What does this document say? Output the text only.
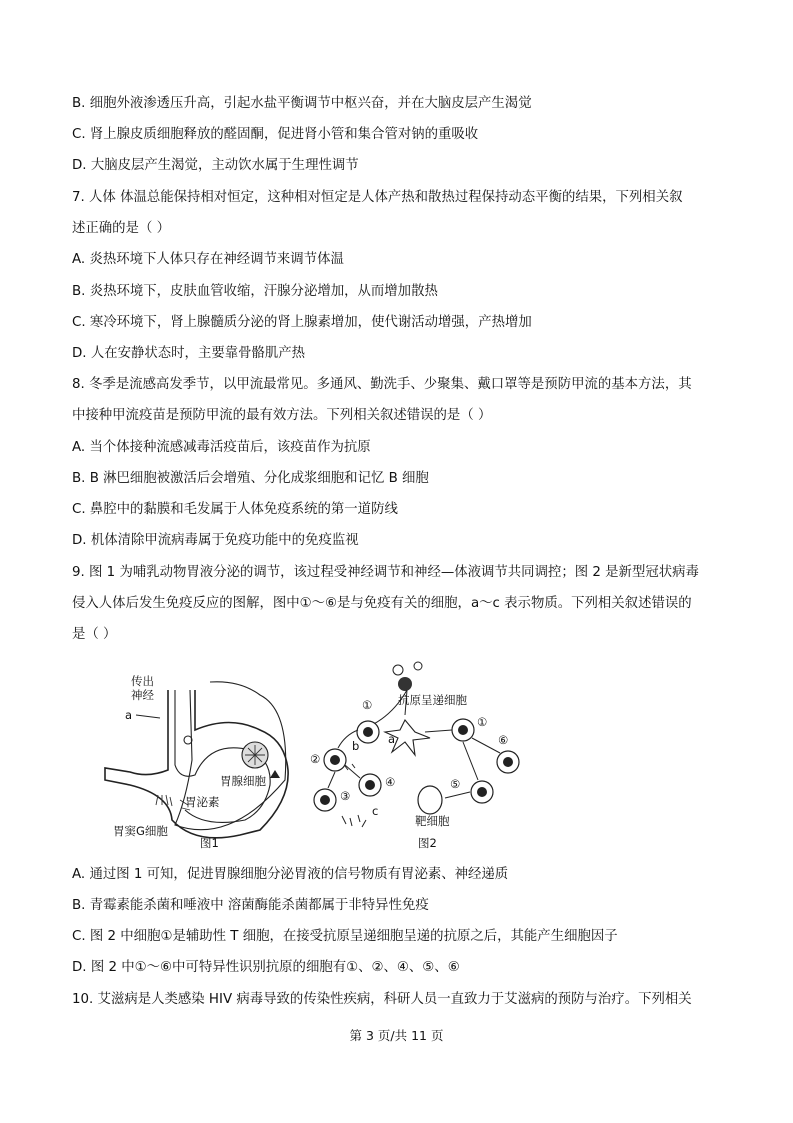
B. 细胞外液渗透压升高，引起水盐平衡调节中枢兴奋，并在大脑皮层产生渴觉
C. 肾上腺皮质细胞释放的醛固酮，促进肾小管和集合管对钠的重吸收
D. 大脑皮层产生渴觉，主动饮水属于生理性调节
7. 人体 体温总能保持相对恒定，这种相对恒定是人体产热和散热过程保持动态平衡的结果，下列相关叙
述正确的是（ ）
A. 炎热环境下人体只存在神经调节来调节体温
B. 炎热环境下，皮肤血管收缩，汗腺分泌增加，从而增加散热
C. 寒冷环境下，肾上腺髓质分泌的肾上腺素增加，使代谢活动增强，产热增加
D. 人在安静状态时，主要靠骨骼肌产热
8. 冬季是流感高发季节，以甲流最常见。多通风、勤洗手、少聚集、戴口罩等是预防甲流的基本方法，其
中接种甲流疫苗是预防甲流的最有效方法。下列相关叙述错误的是（ ）
A. 当个体接种流感减毒活疫苗后，该疫苗作为抗原
B. B 淋巴细胞被激活后会增殖、分化成浆细胞和记忆 B 细胞
C. 鼻腔中的黏膜和毛发属于人体免疫系统的第一道防线
D. 机体清除甲流病毒属于免疫功能中的免疫监视
9. 图 1 为哺乳动物胃液分泌的调节，该过程受神经调节和神经—体液调节共同调控；图 2 是新型冠状病毒
侵入人体后发生免疫反应的图解，图中①～⑥是与免疫有关的细胞，a～c 表示物质。下列相关叙述错误的
是（ ）
传出
神经
a
胃腺细胞
胃泌素
胃窦G细胞
图1
抗原呈递细胞
①
①
②
③
④	⑤
⑥
靶细胞
a
b
c
图2
A. 通过图 1 可知，促进胃腺细胞分泌胃液的信号物质有胃泌素、神经递质
B. 青霉素能杀菌和唾液中 溶菌酶能杀菌都属于非特异性免疫
C. 图 2 中细胞①是辅助性 T 细胞，在接受抗原呈递细胞呈递的抗原之后，其能产生细胞因子
D. 图 2 中①～⑥中可特异性识别抗原的细胞有①、②、④、⑤、⑥
10. 艾滋病是人类感染 HIV 病毒导致的传染性疾病，科研人员一直致力于艾滋病的预防与治疗。下列相关
第 3 页/共 11 页
